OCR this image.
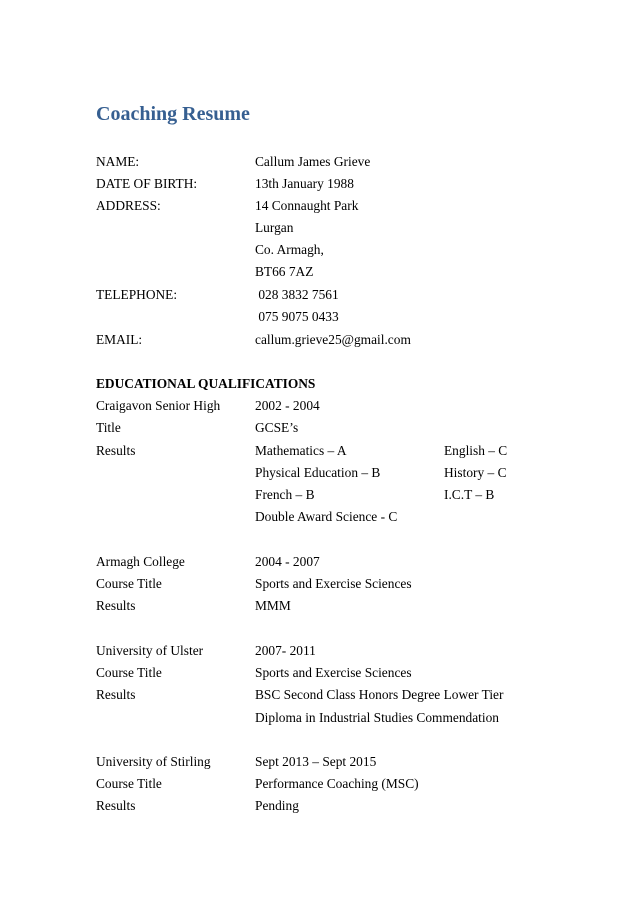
Coaching Resume
NAME:	Callum James Grieve
DATE OF BIRTH:	13th January 1988
ADDRESS:	14 Connaught Park
Lurgan
Co. Armagh,
BT66 7AZ
TELEPHONE:	028 3832 7561
075 9075 0433
EMAIL:	callum.grieve25@gmail.com
EDUCATIONAL QUALIFICATIONS
Craigavon Senior High	2002 - 2004
Title	GCSE’s
Results	Mathematics – A	English – C
Physical Education – B	History – C
French – B	I.C.T – B
Double Award Science - C
Armagh College	2004 - 2007
Course Title	Sports and Exercise Sciences
Results	MMM
University of Ulster	2007- 2011
Course Title	Sports and Exercise Sciences
Results	BSC Second Class Honors Degree Lower Tier
Diploma in Industrial Studies Commendation
University of Stirling	Sept 2013 – Sept 2015
Course Title	Performance Coaching (MSC)
Results	Pending
